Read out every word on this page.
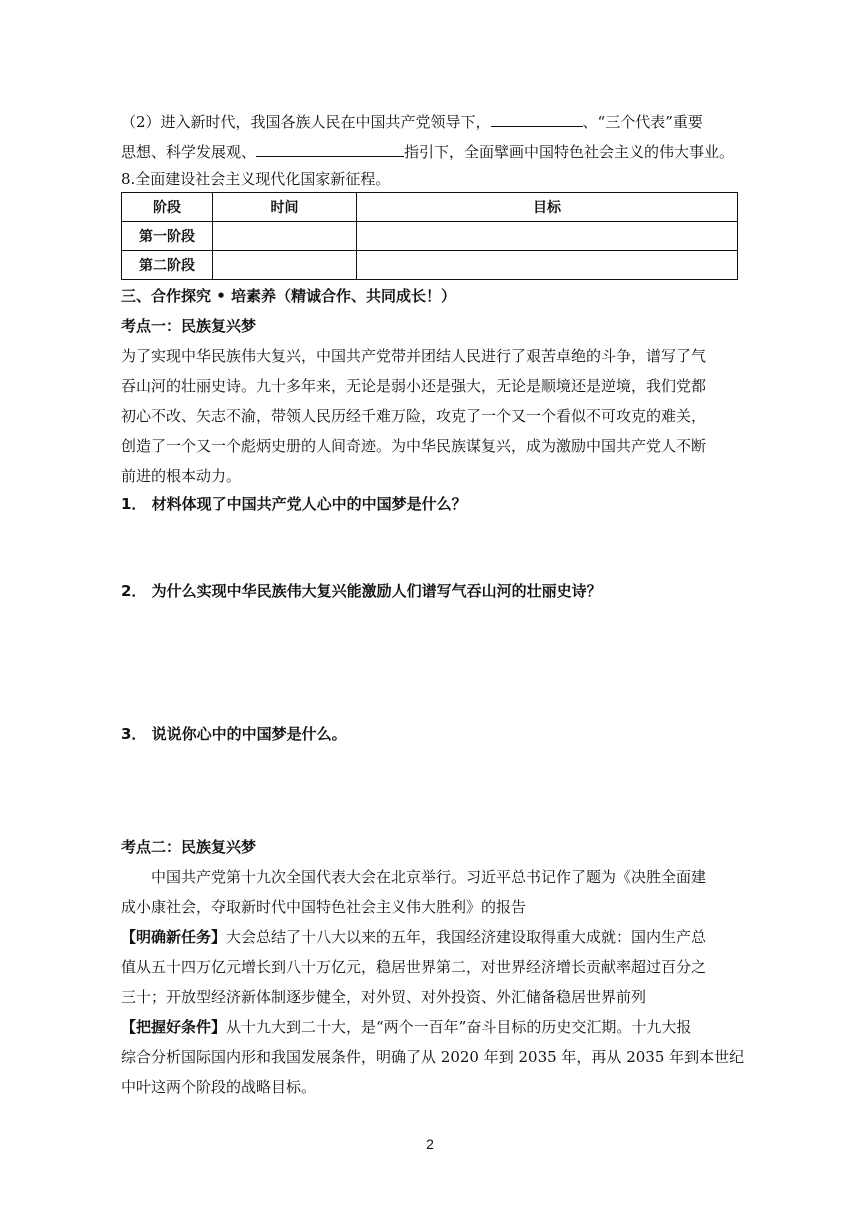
（2）进入新时代，我国各族人民在中国共产党领导下，	、“三个代表”重要
思想、科学发展观、	指引下，全面擘画中国特色社会主义的伟大事业。
8.全面建设社会主义现代化国家新征程。
阶段	时间	目标
第一阶段		
第二阶段		
三、合作探究 • 培素养（精诚合作、共同成长！）
考点一：民族复兴梦
为了实现中华民族伟大复兴，中国共产党带并团结人民进行了艰苦卓绝的斗争，谱写了气
吞山河的壮丽史诗。九十多年来，无论是弱小还是强大，无论是顺境还是逆境，我们党都
初心不改、矢志不渝，带领人民历经千难万险，攻克了一个又一个看似不可攻克的难关，
创造了一个又一个彪炳史册的人间奇迹。为中华民族谋复兴，成为激励中国共产党人不断
前进的根本动力。
1． 材料体现了中国共产党人心中的中国梦是什么？
2． 为什么实现中华民族伟大复兴能激励人们谱写气吞山河的壮丽史诗？
3． 说说你心中的中国梦是什么。
考点二：民族复兴梦
中国共产党第十九次全国代表大会在北京举行。习近平总书记作了题为《决胜全面建
成小康社会，夺取新时代中国特色社会主义伟大胜利》的报告
【明确新任务】大会总结了十八大以来的五年，我国经济建设取得重大成就：国内生产总
值从五十四万亿元增长到八十万亿元，稳居世界第二，对世界经济增长贡献率超过百分之
三十；开放型经济新体制逐步健全，对外贸、对外投资、外汇储备稳居世界前列
【把握好条件】从十九大到二十大，是“两个一百年”奋斗目标的历史交汇期。十九大报
综合分析国际国内形和我国发展条件，明确了从 2020 年到 2035 年，再从 2035 年到本世纪
中叶这两个阶段的战略目标。
2
